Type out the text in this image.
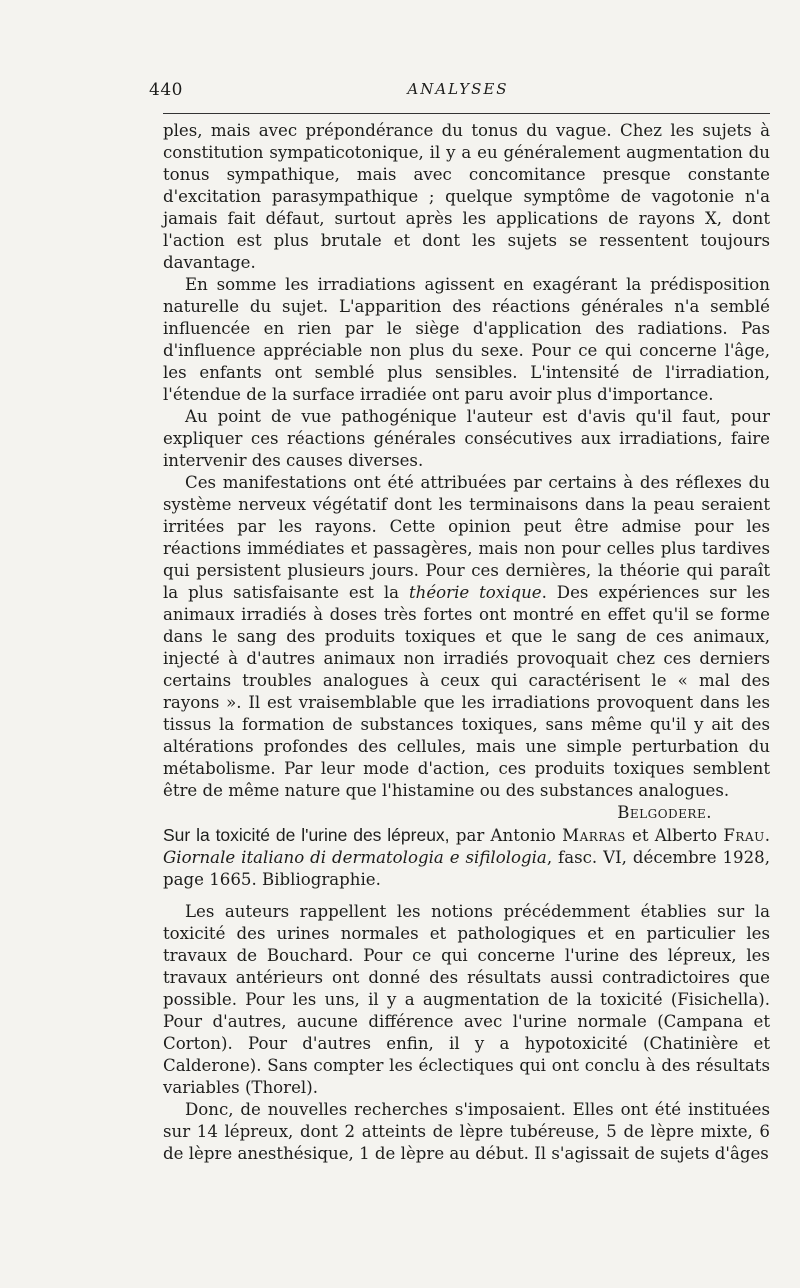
440	ANALYSES

ples, mais avec prépondérance du tonus du vague. Chez les sujets à constitution sympaticotonique, il y a eu généralement augmentation du tonus sympathique, mais avec concomitance presque constante d'excitation parasympathique ; quelque symptôme de vagotonie n'a jamais fait défaut, surtout après les applications de rayons X, dont l'action est plus brutale et dont les sujets se ressentent toujours davantage.

En somme les irradiations agissent en exagérant la prédisposition naturelle du sujet. L'apparition des réactions générales n'a semblé influencée en rien par le siège d'application des radiations. Pas d'influence appréciable non plus du sexe. Pour ce qui concerne l'âge, les enfants ont semblé plus sensibles. L'intensité de l'irradiation, l'étendue de la surface irradiée ont paru avoir plus d'importance.

Au point de vue pathogénique l'auteur est d'avis qu'il faut, pour expliquer ces réactions générales consécutives aux irradiations, faire intervenir des causes diverses.

Ces manifestations ont été attribuées par certains à des réflexes du système nerveux végétatif dont les terminaisons dans la peau seraient irritées par les rayons. Cette opinion peut être admise pour les réactions immédiates et passagères, mais non pour celles plus tardives qui persistent plusieurs jours. Pour ces dernières, la théorie qui paraît la plus satisfaisante est la théorie toxique. Des expériences sur les animaux irradiés à doses très fortes ont montré en effet qu'il se forme dans le sang des produits toxiques et que le sang de ces animaux, injecté à d'autres animaux non irradiés provoquait chez ces derniers certains troubles analogues à ceux qui caractérisent le « mal des rayons ». Il est vraisemblable que les irradiations provoquent dans les tissus la formation de substances toxiques, sans même qu'il y ait des altérations profondes des cellules, mais une simple perturbation du métabolisme. Par leur mode d'action, ces produits toxiques semblent être de même nature que l'histamine ou des substances analogues.

Belgodere.

Sur la toxicité de l'urine des lépreux, par Antonio Marras et Alberto Frau. Giornale italiano di dermatologia e sifilologia, fasc. VI, décembre 1928, page 1665. Bibliographie.

Les auteurs rappellent les notions précédemment établies sur la toxicité des urines normales et pathologiques et en particulier les travaux de Bouchard. Pour ce qui concerne l'urine des lépreux, les travaux antérieurs ont donné des résultats aussi contradictoires que possible. Pour les uns, il y a augmentation de la toxicité (Fisichella). Pour d'autres, aucune différence avec l'urine normale (Campana et Corton). Pour d'autres enfin, il y a hypotoxicité (Chatinière et Calderone). Sans compter les éclectiques qui ont conclu à des résultats variables (Thorel).

Donc, de nouvelles recherches s'imposaient. Elles ont été instituées sur 14 lépreux, dont 2 atteints de lèpre tubéreuse, 5 de lèpre mixte, 6 de lèpre anesthésique, 1 de lèpre au début. Il s'agissait de sujets d'âges
